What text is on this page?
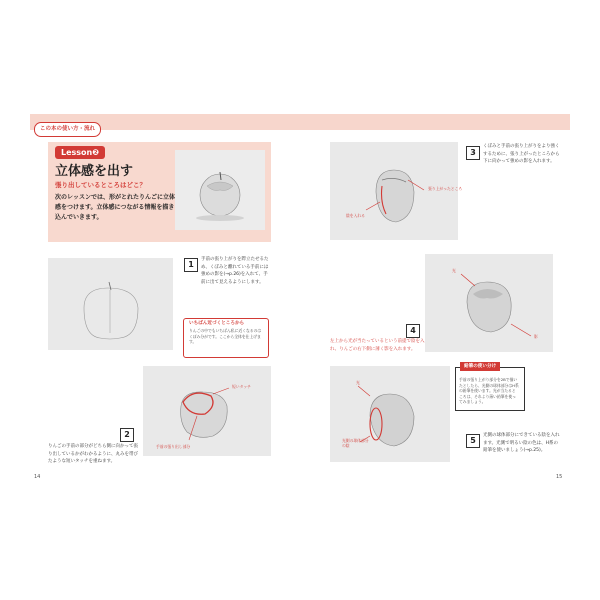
この本の使い方・流れ
Lesson❷
立体感を出す
張り出しているところはどこ？
次のレッスンでは、形がとれたりんごに立体感をつけます。立体感につながる情報を描き込んでいきます。
1
手前の張り上がりを際立たせるため、くぼみと離れている手前には強めの影を(→p.26)を入れて、手前に出て見えるようにします。
いちばん近づくところから
りんごの中でもいちばん私に近くなるのはくぼみ分がです。ここから全体を仕上げます。
短いタッチ
手前の張り出し部分
2
りんごの手前の部分がどちら側に向かって張り出しているかがわかるように、丸みを帯びたような短いタッチを重ねます。
14
張り上がったところ
陰を入れる
3
くぼみと手前の張り上がりをより強くするために、張り上がったところから下に向かって強めの影を入れます。
光
影
4
左上から光が当たっているという前提で陰を入れ、りんごの右下側に薄く影を入れます。
光
光側の球体部分の陰
鉛筆の使い分け
手前の張り上がり部分を2Bで描いたとしたら、光側の球体部分はH系の鉛筆を使います。光が当たるところは、それより薄い鉛筆を使ってみましょう。
5
光側の球体部分にできている陰を入れます。光側で明るい陰の色は、H系の鉛筆を使いましょう(→p.25)。
15
